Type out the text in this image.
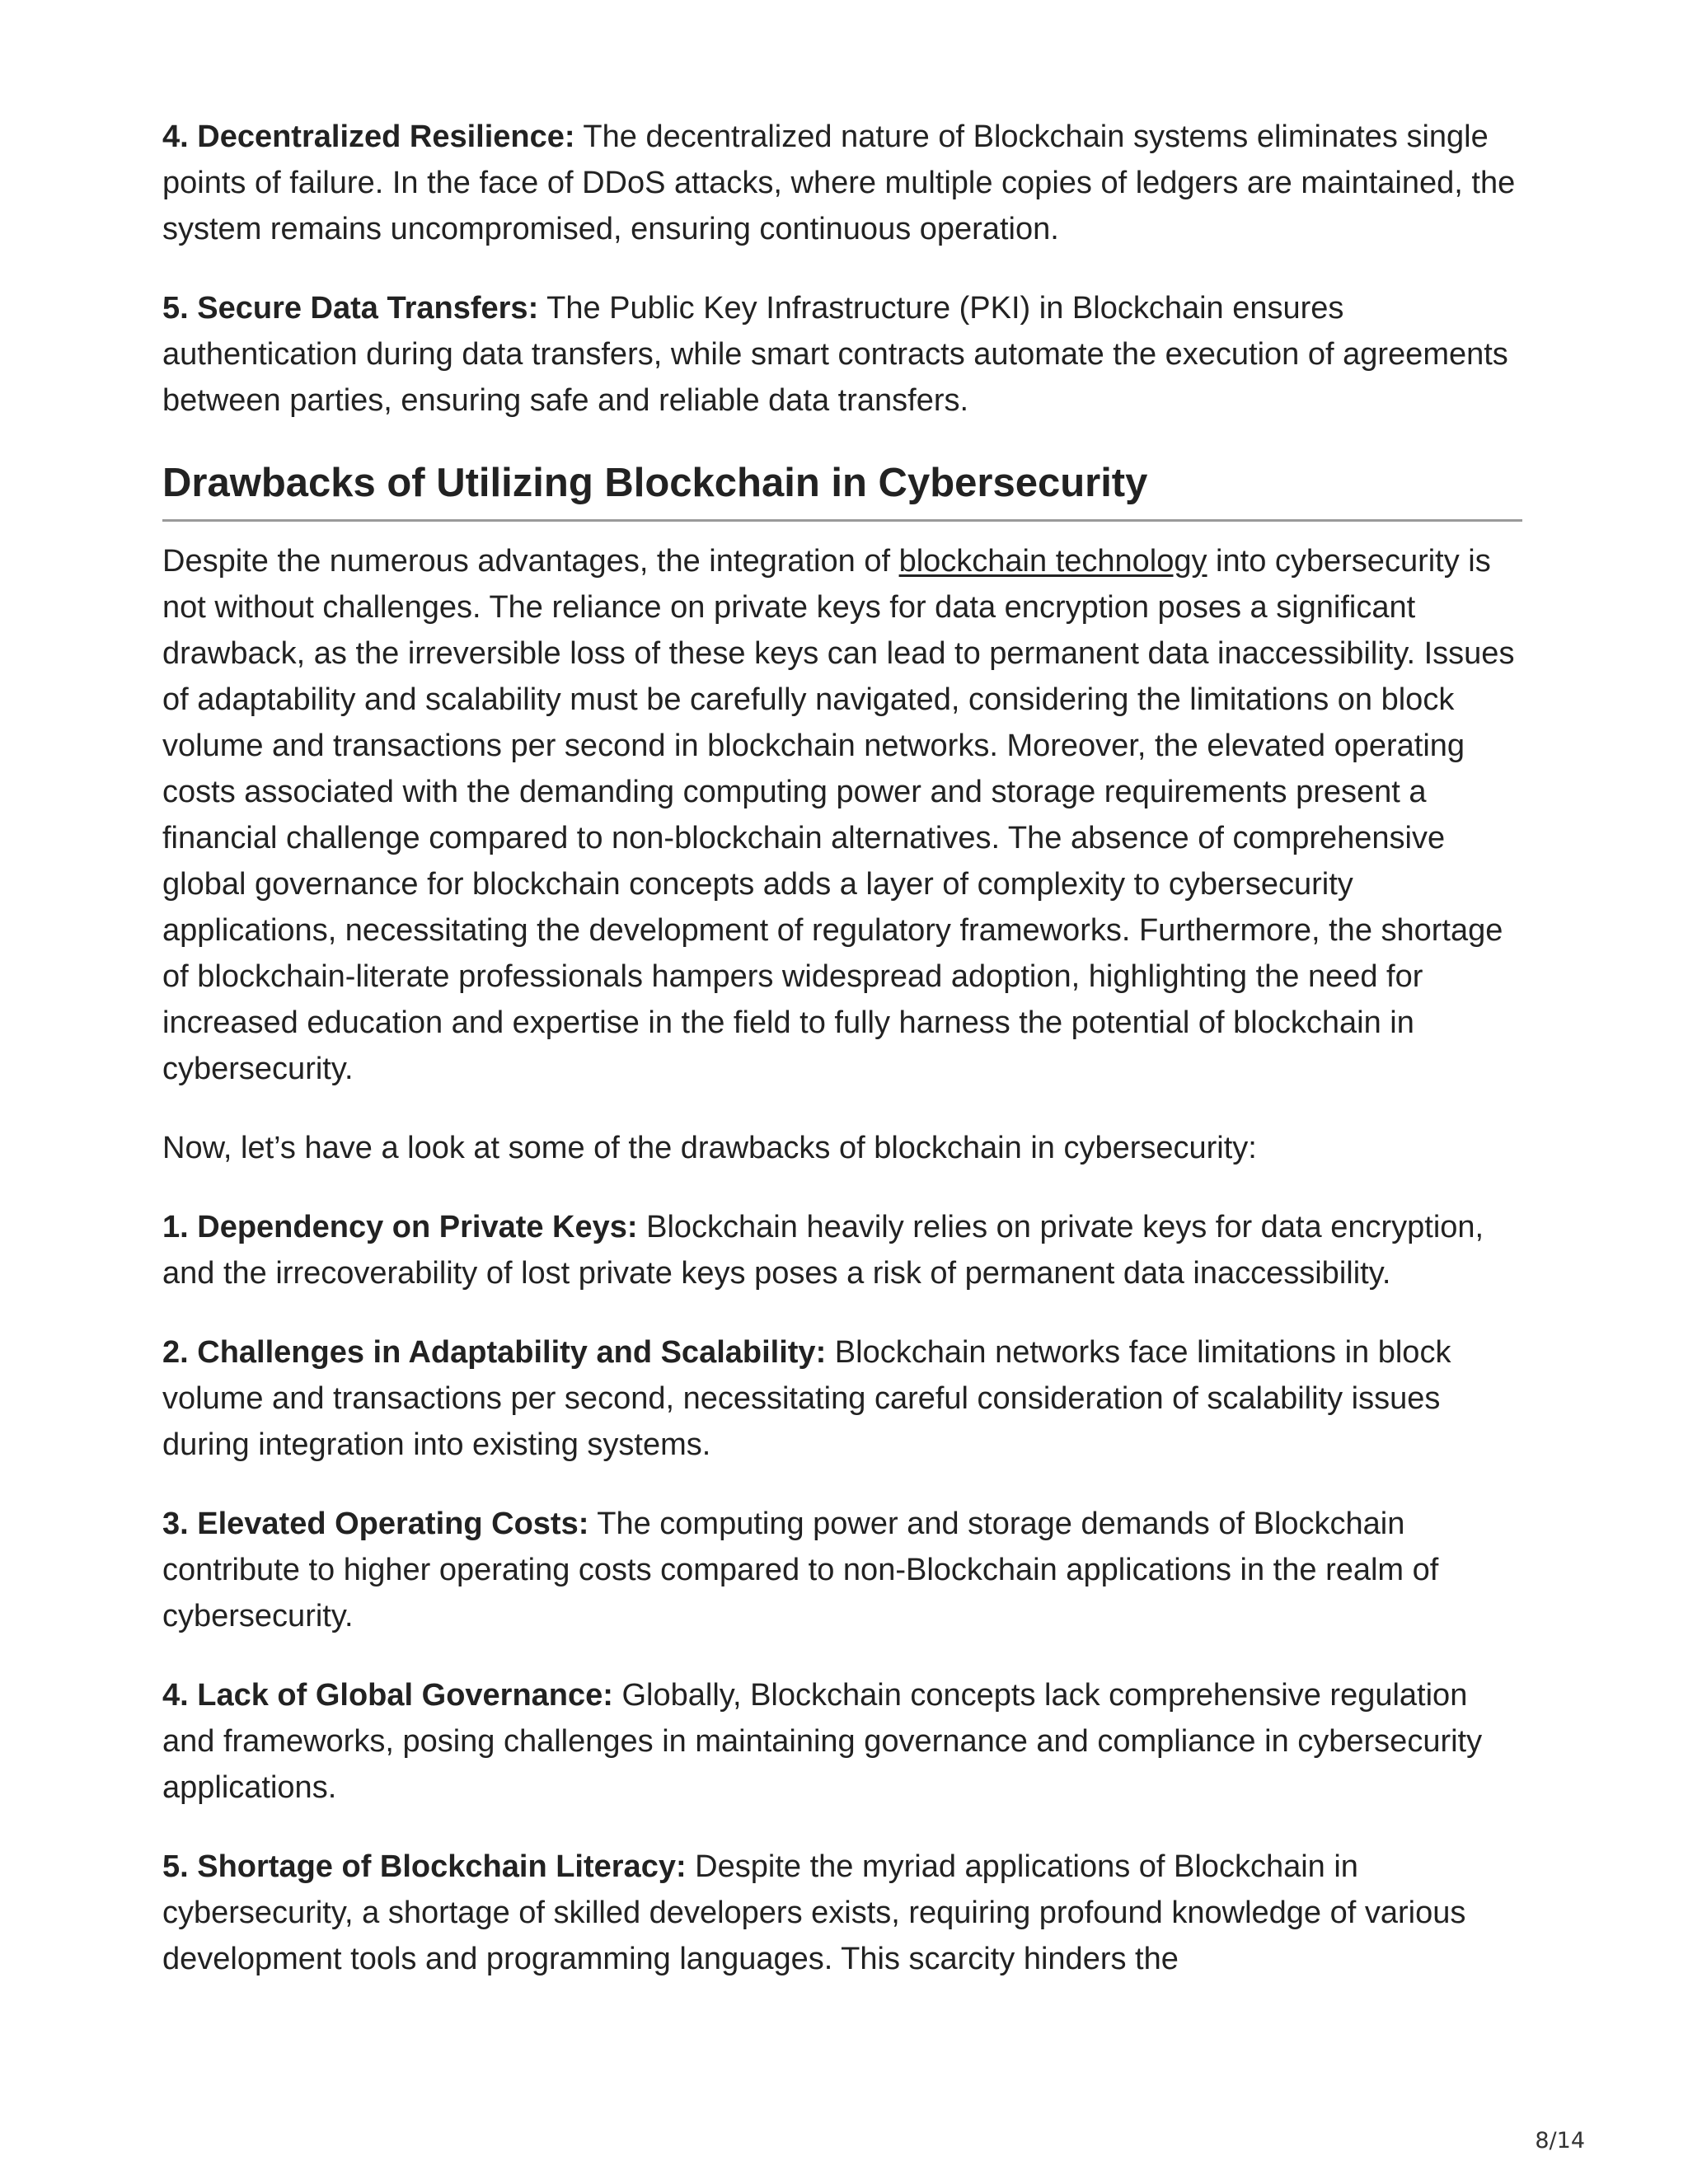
4. Decentralized Resilience: The decentralized nature of Blockchain systems eliminates single points of failure. In the face of DDoS attacks, where multiple copies of ledgers are maintained, the system remains uncompromised, ensuring continuous operation.

5. Secure Data Transfers: The Public Key Infrastructure (PKI) in Blockchain ensures authentication during data transfers, while smart contracts automate the execution of agreements between parties, ensuring safe and reliable data transfers.

Drawbacks of Utilizing Blockchain in Cybersecurity

Despite the numerous advantages, the integration of blockchain technology into cybersecurity is not without challenges. The reliance on private keys for data encryption poses a significant drawback, as the irreversible loss of these keys can lead to permanent data inaccessibility. Issues of adaptability and scalability must be carefully navigated, considering the limitations on block volume and transactions per second in blockchain networks. Moreover, the elevated operating costs associated with the demanding computing power and storage requirements present a financial challenge compared to non-blockchain alternatives. The absence of comprehensive global governance for blockchain concepts adds a layer of complexity to cybersecurity applications, necessitating the development of regulatory frameworks. Furthermore, the shortage of blockchain-literate professionals hampers widespread adoption, highlighting the need for increased education and expertise in the field to fully harness the potential of blockchain in cybersecurity.

Now, let’s have a look at some of the drawbacks of blockchain in cybersecurity:

1. Dependency on Private Keys: Blockchain heavily relies on private keys for data encryption, and the irrecoverability of lost private keys poses a risk of permanent data inaccessibility.

2. Challenges in Adaptability and Scalability: Blockchain networks face limitations in block volume and transactions per second, necessitating careful consideration of scalability issues during integration into existing systems.

3. Elevated Operating Costs: The computing power and storage demands of Blockchain contribute to higher operating costs compared to non-Blockchain applications in the realm of cybersecurity.

4. Lack of Global Governance: Globally, Blockchain concepts lack comprehensive regulation and frameworks, posing challenges in maintaining governance and compliance in cybersecurity applications.

5. Shortage of Blockchain Literacy: Despite the myriad applications of Blockchain in cybersecurity, a shortage of skilled developers exists, requiring profound knowledge of various development tools and programming languages. This scarcity hinders the

8/14
